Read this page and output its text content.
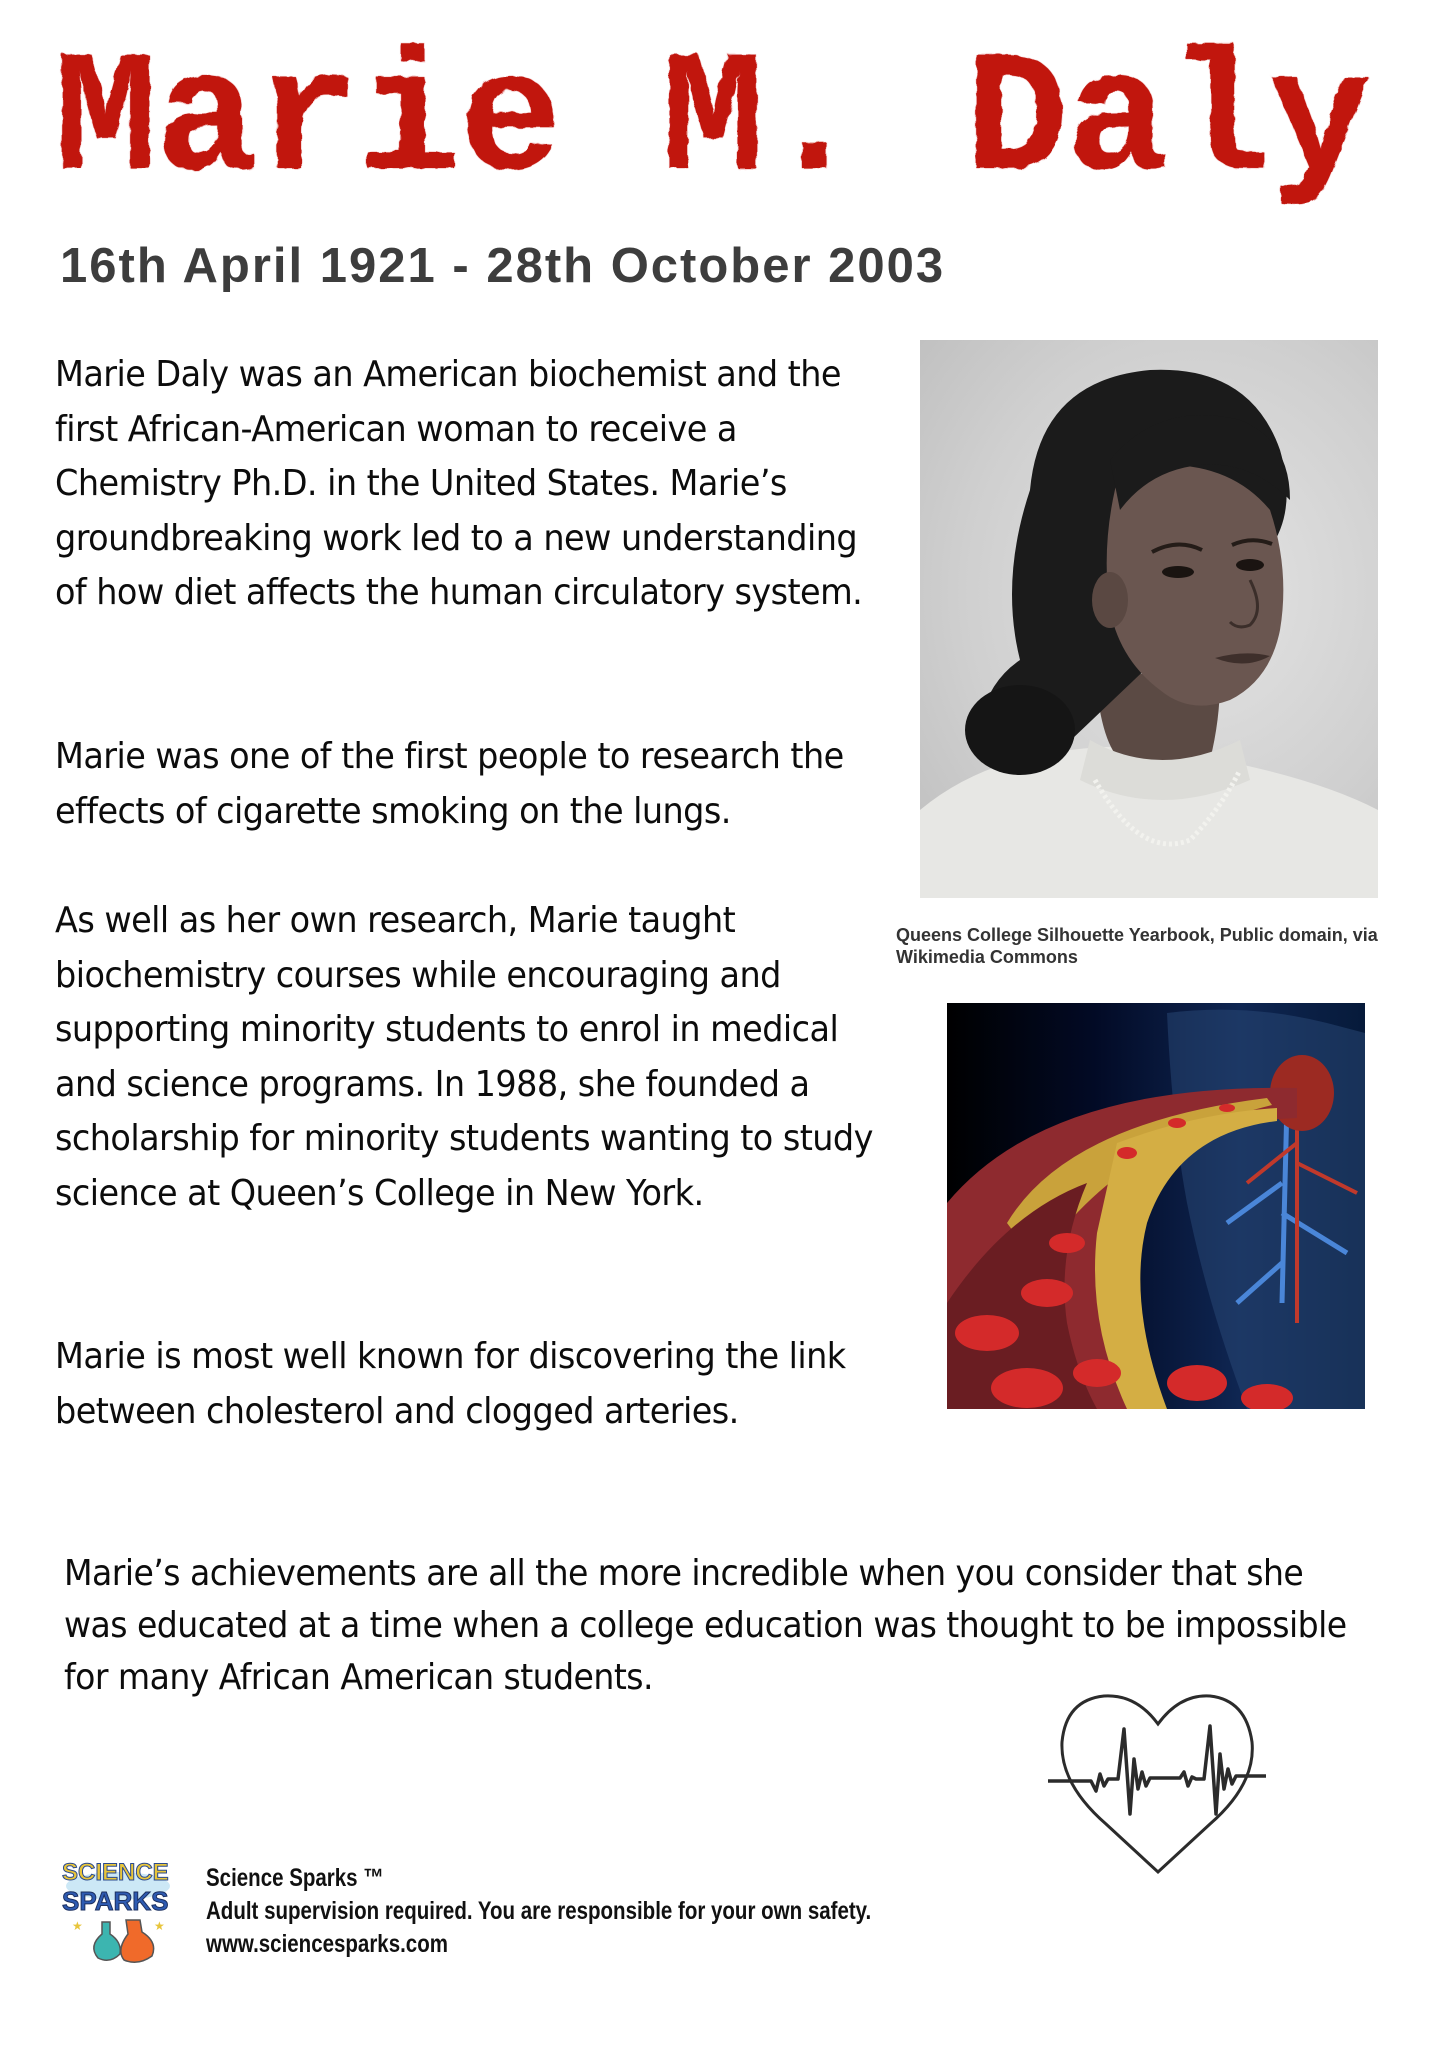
Marie M. Daly
16th April 1921 - 28th October 2003

Marie Daly was an American biochemist and the first African-American woman to receive a Chemistry Ph.D. in the United States. Marie’s groundbreaking work led to a new understanding of how diet affects the human circulatory system.

Marie was one of the first people to research the effects of cigarette smoking on the lungs.

As well as her own research, Marie taught biochemistry courses while encouraging and supporting minority students to enrol in medical and science programs. In 1988, she founded a scholarship for minority students wanting to study science at Queen’s College in New York.

Marie is most well known for discovering the link between cholesterol and clogged arteries.

Marie’s achievements are all the more incredible when you consider that she was educated at a time when a college education was thought to be impossible for many African American students.

Queens College Silhouette Yearbook, Public domain, via Wikimedia Commons
SCIENCE
SPARKS
★	★
Science Sparks ™
Adult supervision required. You are responsible for your own safety.
www.sciencesparks.com
